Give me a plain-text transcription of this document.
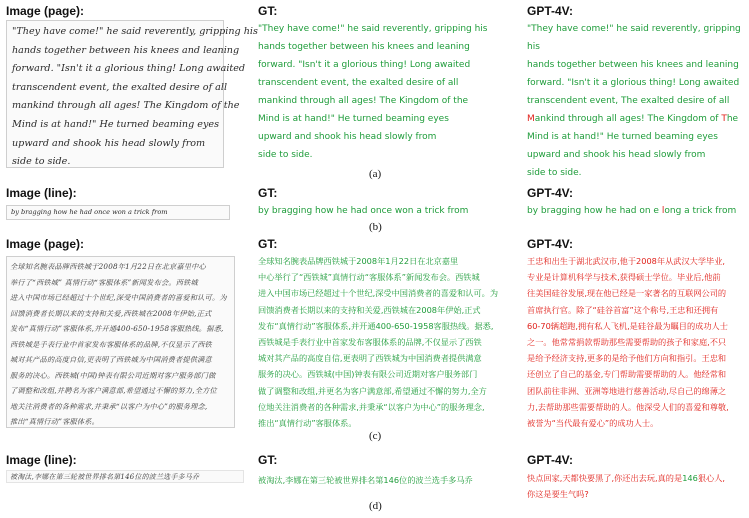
Image (page):	GT:	GPT-4V:
"They have come!" he said reverently, gripping his
hands together between his knees and leaning
forward. "Isn't it a glorious thing! Long awaited
transcendent event, the exalted desire of all
mankind through all ages! The Kingdom of the
Mind is at hand!" He turned beaming eyes
upward and shook his head slowly from
side to side.
"They have come!" he said reverently, gripping his
hands together between his knees and leaning
forward. "Isn't it a glorious thing! Long awaited
transcendent event, the exalted desire of all
mankind through all ages! The Kingdom of the
Mind is at hand!" He turned beaming eyes
upward and shook his head slowly from
side to side.
"They have come!" he said reverently, gripping his
hands together between his knees and leaning
forward. "Isn't it a glorious thing! Long awaited
transcendent event, The exalted desire of all
Mankind through all ages! The Kingdom of The
Mind is at hand!" He turned beaming eyes
upward and shook his head slowly from
side to side.
(a)
Image (line):	GT:	GPT-4V:
by bragging how he had once won a trick from	by bragging how he had once won a trick from	by bragging how he had on e long a trick from
(b)
Image (page):	GT:	GPT-4V:
全球知名腕表品牌西铁城于2008年1月22日在北京嘉里中心
举行了“西铁城” 真情行动“客服体系”新闻发布会。西铁城
进入中国市场已经超过十个世纪,深受中国消费者的喜爱和认可。为
回馈消费者长期以来的支持和关爱,西铁城在2008年伊始,正式
发布“真情行动”客服体系,并开通400-650-1958客服热线。据悉,
西铁城是手表行业中首家发布客服体系的品牌,不仅显示了西铁
城对其产品的高度自信,更表明了西铁城为中国消费者提供满意
服务的决心。西铁城(中国)钟表有限公司近期对客户服务部门做
了调整和改组,并聘名为客户满意部,希望通过不懈的努力,全方位
地关注消费者的各种需求,并秉承“以客户为中心”的服务理念,
推出“真情行动”客服体系。
全球知名腕表品牌西铁城于2008年1月22日在北京嘉里
中心举行了“西铁城”真情行动“客服体系”新闻发布会。西铁城
进入中国市场已经超过十个世纪,深受中国消费者的喜爱和认可。为
回馈消费者长期以来的支持和关爱,西铁城在2008年伊始,正式
发布“真情行动”客服体系,并开通400-650-1958客服热线。据悉,
西铁城是手表行业中首家发布客服体系的品牌,不仅显示了西铁
城对其产品的高度自信,更表明了西铁城为中国消费者提供满意
服务的决心。西铁城(中国)钟表有限公司近期对客户服务部门
做了调整和改组,并更名为客户满意部,希望通过不懈的努力,全方
位地关注消费者的各种需求,并秉承“以客户为中心”的服务理念,
推出“真情行动”客服体系。
王忠和出生于湖北武汉市,他于2008年从武汉大学毕业,
专业是计算机科学与技术,获得硕士学位。毕业后,他前
往美国硅谷发展,现在他已经是一家著名的互联网公司的
首席执行官。除了“硅谷首富”这个称号,王忠和还拥有
60-70辆超跑,拥有私人飞机,是硅谷最为瞩目的成功人士
之一。他常常捐款帮助那些需要帮助的孩子和家庭,不只
是给予经济支持,更多的是给予他们方向和指引。王忠和
还创立了自己的基金,专门帮助需要帮助的人。他经常和
团队前往非洲、亚洲等地进行慈善活动,尽自己的绵薄之
力,去帮助那些需要帮助的人。他深受人们的喜爱和尊敬,
被誉为“当代最有爱心”的成功人士。
(c)
Image (line):	GT:	GPT-4V:
被淘汰,李娜在第三轮被世界排名第146位的波兰选手多马乔	被淘汰,李娜在第三轮被世界排名第146位的波兰选手多马乔	快点回家,天都快要黑了,你还出去玩,真的是146狠心人,
你这是要生气吗?
(d)
